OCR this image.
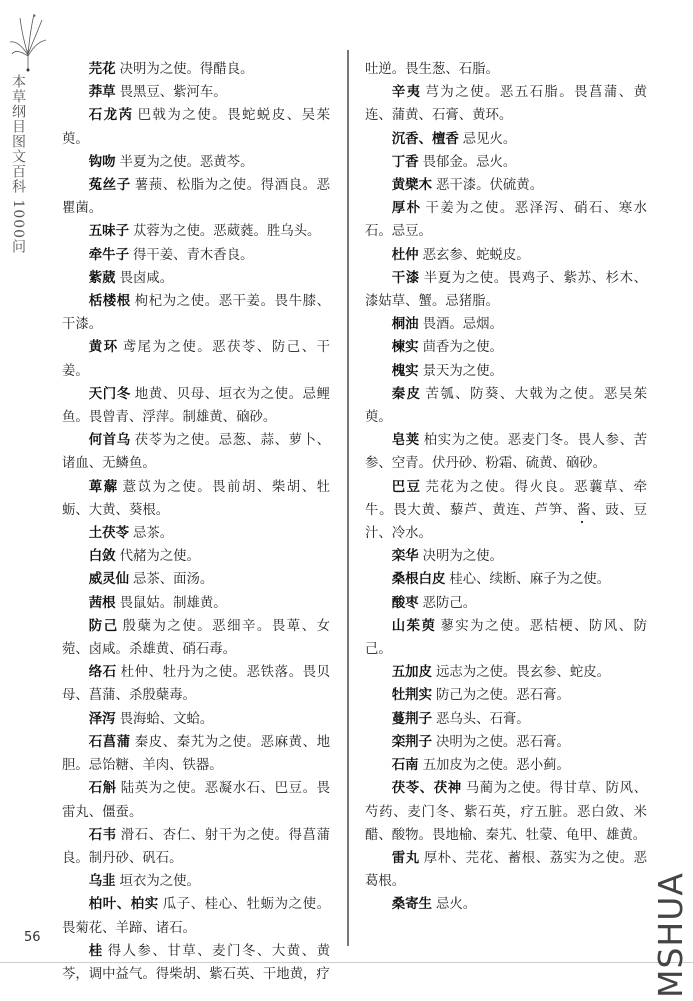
本草纲目图文百科 1000问

芫花 决明为之使。得醋良。

莽草 畏黑豆、紫河车。

石龙芮 巴戟为之使。畏蛇蜕皮、吴茱萸。

钩吻 半夏为之使。恶黄芩。

菟丝子 薯蓣、松脂为之使。得酒良。恶瞿菌。

五味子 苁蓉为之使。恶葳蕤。胜乌头。

牵牛子 得干姜、青木香良。

紫葳 畏卤咸。

栝楼根 枸杞为之使。恶干姜。畏牛膝、干漆。

黄环 鸢尾为之使。恶茯苓、防己、干姜。

天门冬 地黄、贝母、垣衣为之使。忌鲤鱼。畏曾青、浮萍。制雄黄、硇砂。

何首乌 茯苓为之使。忌葱、蒜、萝卜、诸血、无鳞鱼。

萆薢 薏苡为之使。畏前胡、柴胡、牡蛎、大黄、葵根。

土茯苓 忌茶。

白敛 代赭为之使。

威灵仙 忌茶、面汤。

茜根 畏鼠姑。制雄黄。

防己 殷蘖为之使。恶细辛。畏萆、女菀、卤咸。杀雄黄、硝石毒。

络石 杜仲、牡丹为之使。恶铁落。畏贝母、菖蒲、杀殷蘖毒。

泽泻 畏海蛤、文蛤。

石菖蒲 秦皮、秦艽为之使。恶麻黄、地胆。忌饴糖、羊肉、铁器。

石斛 陆英为之使。恶凝水石、巴豆。畏雷丸、僵蚕。

石韦 滑石、杏仁、射干为之使。得菖蒲良。制丹砂、矾石。

乌韭 垣衣为之使。

柏叶、柏实 瓜子、桂心、牡蛎为之使。畏菊花、羊蹄、诸石。

桂 得人参、甘草、麦门冬、大黄、黄芩，调中益气。得柴胡、紫石英、干地黄，疗

吐逆。畏生葱、石脂。

辛夷 芎为之使。恶五石脂。畏菖蒲、黄连、蒲黄、石膏、黄环。

沉香、檀香 忌见火。

丁香 畏郁金。忌火。

黄檗木 恶干漆。伏硫黄。

厚朴 干姜为之使。恶泽泻、硝石、寒水石。忌豆。

杜仲 恶玄参、蛇蜕皮。

干漆 半夏为之使。畏鸡子、紫苏、杉木、漆姑草、蟹。忌猪脂。

桐油 畏酒。忌烟。

楝实 茴香为之使。

槐实 景天为之使。

秦皮 苦瓠、防葵、大戟为之使。恶吴茱萸。

皂荚 柏实为之使。恶麦门冬。畏人参、苦参、空青。伏丹砂、粉霜、硫黄、硇砂。

巴豆 芫花为之使。得火良。恶蘘草、牵牛。畏大黄、藜芦、黄连、芦笋、酱、豉、豆汁、冷水。

栾华 决明为之使。

桑根白皮 桂心、续断、麻子为之使。

酸枣 恶防己。

山茱萸 蓼实为之使。恶桔梗、防风、防己。

五加皮 远志为之使。畏玄参、蛇皮。

牡荆实 防己为之使。恶石膏。

蔓荆子 恶乌头、石膏。

栾荆子 决明为之使。恶石膏。

石南 五加皮为之使。恶小蓟。

茯苓、茯神 马蔺为之使。得甘草、防风、芍药、麦门冬、紫石英，疗五脏。恶白敛、米醋、酸物。畏地榆、秦艽、牡蒙、龟甲、雄黄。

雷丸 厚朴、芫花、蓄根、荔实为之使。恶葛根。

桑寄生 忌火。

56	MSHUA
